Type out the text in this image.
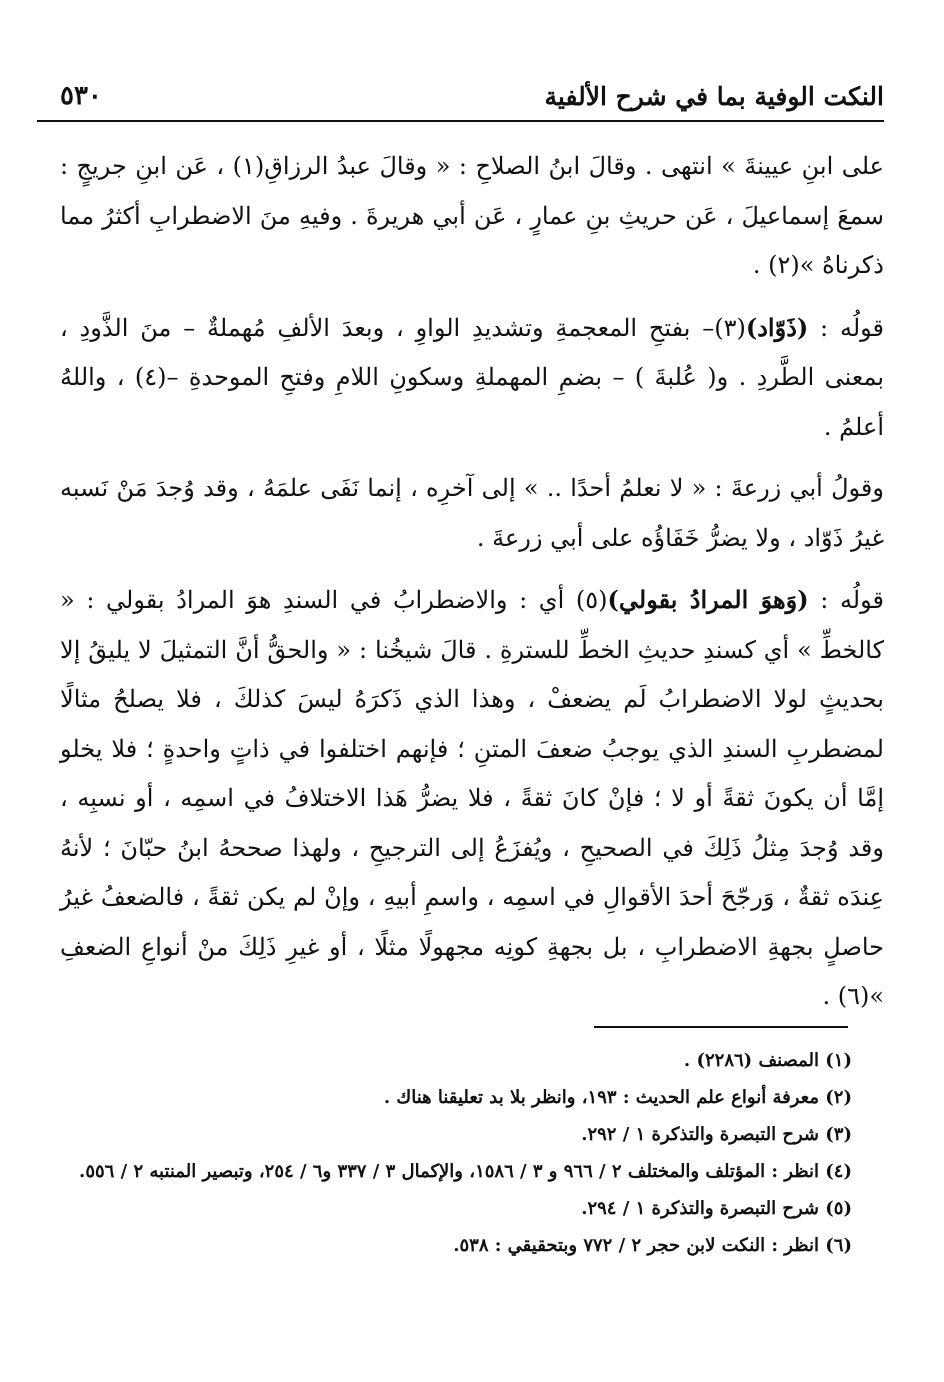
النكت الوفية بما في شرح الألفية
٥٣٠

على ابنِ عيينةَ » انتهى . وقالَ ابنُ الصلاحِ : « وقالَ عبدُ الرزاقِ(١) ، عَن ابنِ جريجٍ : سمعَ إسماعيلَ ، عَن حريثِ بنِ عمارٍ ، عَن أبي هريرةَ . وفيهِ منَ الاضطرابِ أكثرُ مما ذكرناهُ »(٢) .

قولُه : (ذَوّاد)(٣)– بفتحِ المعجمةِ وتشديدِ الواوِ ، وبعدَ الألفِ مُهملةٌ – منَ الذَّودِ ، بمعنى الطَّردِ . و( عُلبةَ ) – بضمِ المهملةِ وسكونِ اللامِ وفتحِ الموحدةِ –(٤) ، واللهُ أعلمُ .

وقولُ أبي زرعةَ : « لا نعلمُ أحدًا .. » إلى آخرِه ، إنما نَفَى علمَهُ ، وقد وُجدَ مَنْ نَسبه غيرُ ذَوّاد ، ولا يضرُّ خَفَاؤُه على أبي زرعةَ .

قولُه : (وَهوَ المرادُ بقولي)(٥) أي : والاضطرابُ في السندِ هوَ المرادُ بقولي : « كالخطِّ » أي كسندِ حديثِ الخطِّ للسترةِ . قالَ شيخُنا : « والحقُّ أنَّ التمثيلَ لا يليقُ إلا بحديثٍ لولا الاضطرابُ لَم يضعفْ ، وهذا الذي ذَكرَهُ ليسَ كذلكَ ، فلا يصلحُ مثالًا لمضطربِ السندِ الذي يوجبُ ضعفَ المتنِ ؛ فإنهم اختلفوا في ذاتٍ واحدةٍ ؛ فلا يخلو إمَّا أن يكونَ ثقةً أو لا ؛ فإنْ كانَ ثقةً ، فلا يضرُّ هَذا الاختلافُ في اسمِه ، أو نسبِه ، وقد وُجدَ مِثلُ ذَلِكَ في الصحيحِ ، ويُفزَعُ إلى الترجيحِ ، ولهذا صححهُ ابنُ حبّانَ ؛ لأنهُ عِندَه ثقةٌ ، وَرجّحَ أحدَ الأقوالِ في اسمِه ، واسمِ أبيهِ ، وإنْ لم يكن ثقةً ، فالضعفُ غيرُ حاصلٍ بجهةِ الاضطرابِ ، بل بجهةِ كونِه مجهولًا مثلًا ، أو غيرِ ذَلِكَ منْ أنواعِ الضعفِ »(٦) .

(١) المصنف (٢٢٨٦) .

(٢) معرفة أنواع علم الحديث : ١٩٣، وانظر بلا بد تعليقنا هناك .

(٣) شرح التبصرة والتذكرة ١ / ٢٩٢.

(٤) انظر : المؤتلف والمختلف ٢ / ٩٦٦ و ٣ / ١٥٨٦، والإكمال ٣ / ٣٣٧ و٦ / ٢٥٤، وتبصير المنتبه ٢ / ٥٥٦.

(٥) شرح التبصرة والتذكرة ١ / ٢٩٤.

(٦) انظر : النكت لابن حجر ٢ / ٧٧٢ وبتحقيقي : ٥٣٨.
